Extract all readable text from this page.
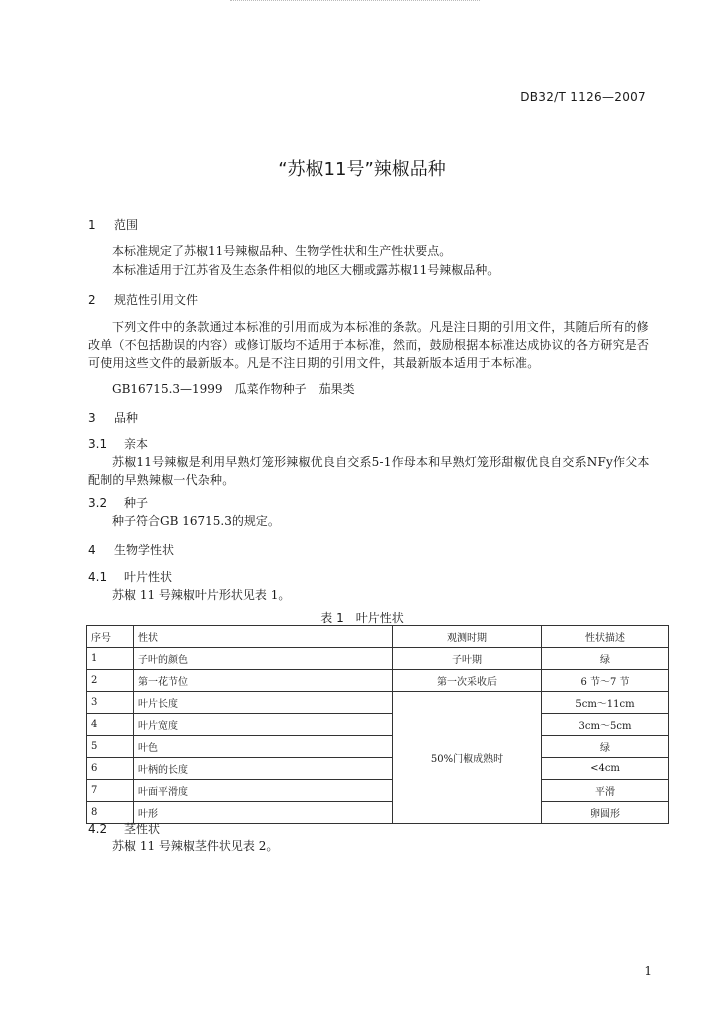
DB32/T 1126—2007

“苏椒11号”辣椒品种
1 范围

本标准规定了苏椒11号辣椒品种、生物学性状和生产性状要点。

本标准适用于江苏省及生态条件相似的地区大棚或露苏椒11号辣椒品种。

2 规范性引用文件

下列文件中的条款通过本标准的引用而成为本标准的条款。凡是注日期的引用文件，其随后所有的修改单（不包括勘误的内容）或修订版均不适用于本标准，然而，鼓励根据本标准达成协议的各方研究是否可使用这些文件的最新版本。凡是不注日期的引用文件，其最新版本适用于本标准。

GB16715.3—1999　瓜菜作物种子　茄果类

3 品种
3.1 亲本

苏椒11号辣椒是利用早熟灯笼形辣椒优良自交系5-1作母本和早熟灯笼形甜椒优良自交系NFy作父本配制的早熟辣椒一代杂种。

3.2 种子

种子符合GB 16715.3的规定。

4 生物学性状
4.1 叶片性状

苏椒 11 号辣椒叶片形状见表 1。

表 1　叶片性状

序号	性状	观测时期	性状描述
1	子叶的颜色	子叶期	绿
2	第一花节位	第一次采收后	6 节～7 节
3	叶片长度	50%门椒成熟时	5cm～11cm
4	叶片宽度		3cm～5cm
5	叶色		绿
6	叶柄的长度		<4cm
7	叶面平滑度		平滑
8	叶形		卵圆形
4.2 茎性状

苏椒 11 号辣椒茎件状见表 2。

1
